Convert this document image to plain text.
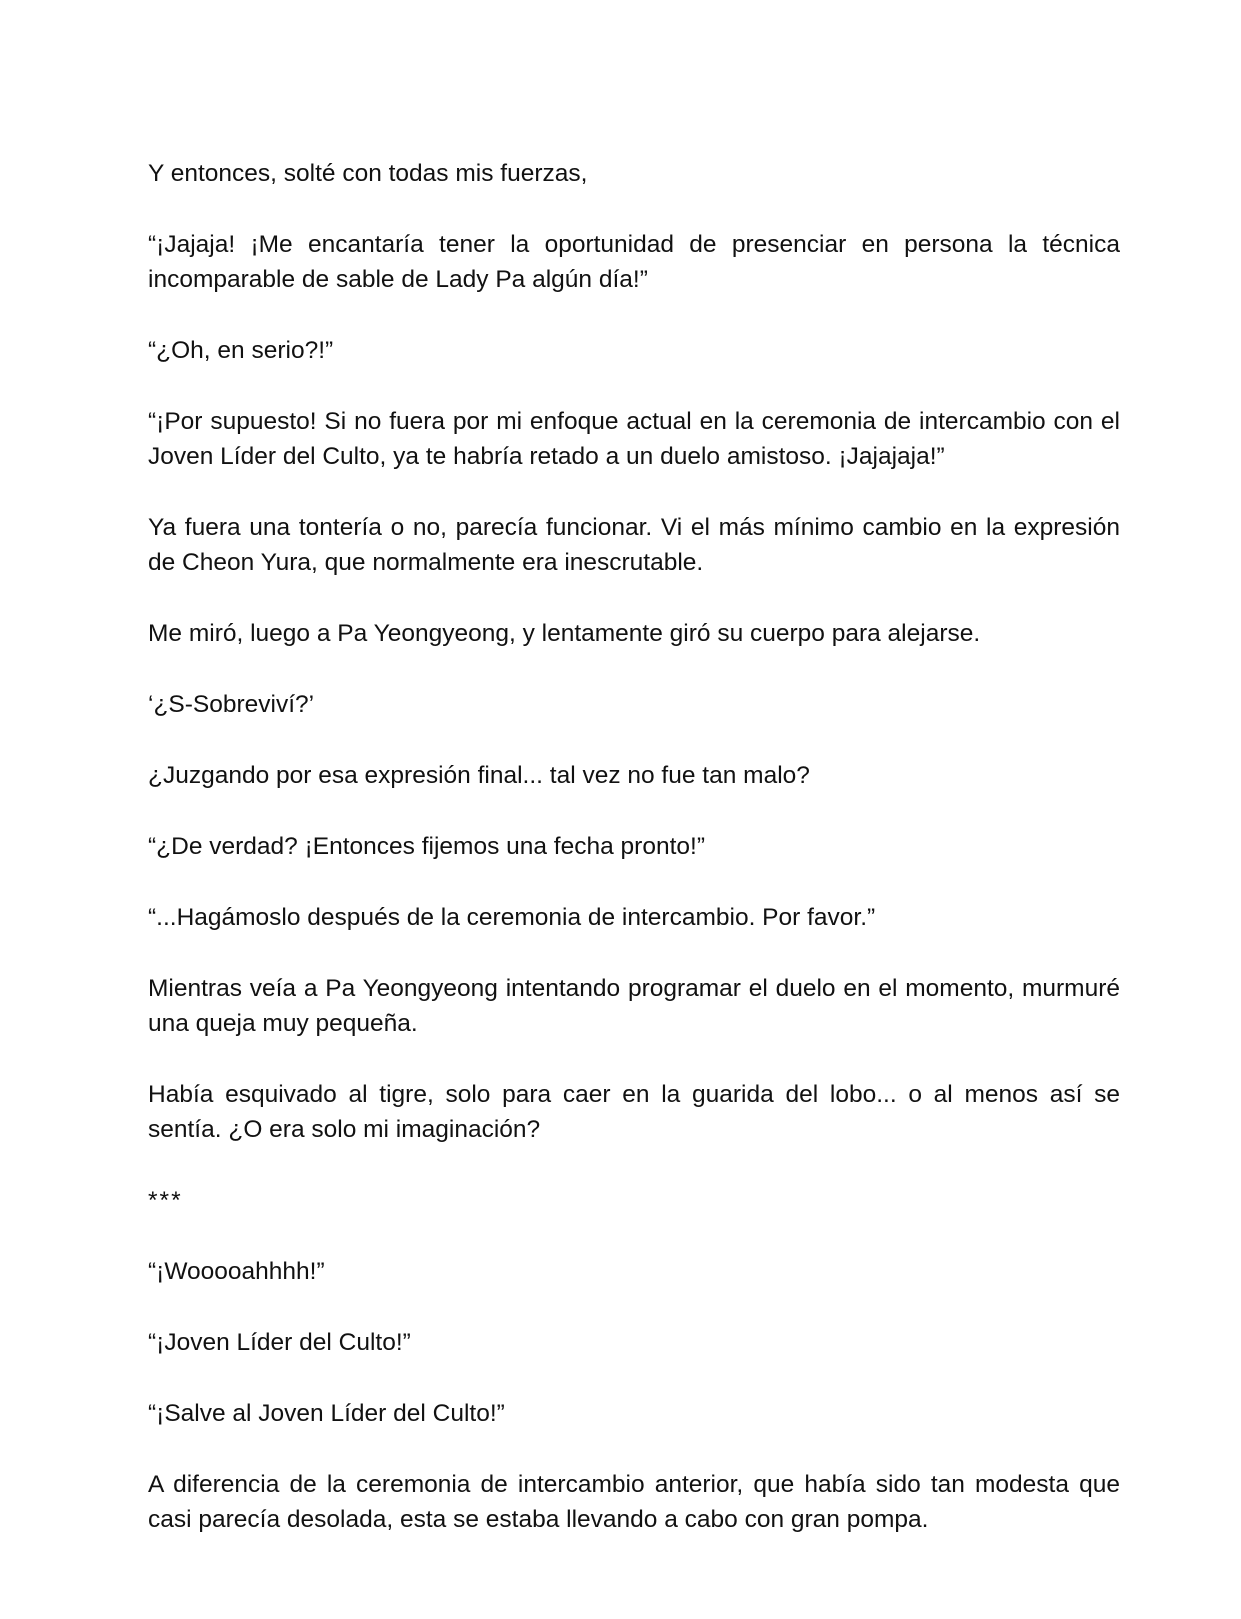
Y entonces, solté con todas mis fuerzas,

“¡Jajaja! ¡Me encantaría tener la oportunidad de presenciar en persona la técnica incomparable de sable de Lady Pa algún día!”

“¿Oh, en serio?!”

“¡Por supuesto! Si no fuera por mi enfoque actual en la ceremonia de intercambio con el Joven Líder del Culto, ya te habría retado a un duelo amistoso. ¡Jajajaja!”

Ya fuera una tontería o no, parecía funcionar. Vi el más mínimo cambio en la expresión de Cheon Yura, que normalmente era inescrutable.

Me miró, luego a Pa Yeongyeong, y lentamente giró su cuerpo para alejarse.

‘¿S-Sobreviví?’

¿Juzgando por esa expresión final... tal vez no fue tan malo?

“¿De verdad? ¡Entonces fijemos una fecha pronto!”

“...Hagámoslo después de la ceremonia de intercambio. Por favor.”

Mientras veía a Pa Yeongyeong intentando programar el duelo en el momento, murmuré una queja muy pequeña.

Había esquivado al tigre, solo para caer en la guarida del lobo... o al menos así se sentía. ¿O era solo mi imaginación?

***

“¡Wooooahhhh!”

“¡Joven Líder del Culto!”

“¡Salve al Joven Líder del Culto!”

A diferencia de la ceremonia de intercambio anterior, que había sido tan modesta que casi parecía desolada, esta se estaba llevando a cabo con gran pompa.
